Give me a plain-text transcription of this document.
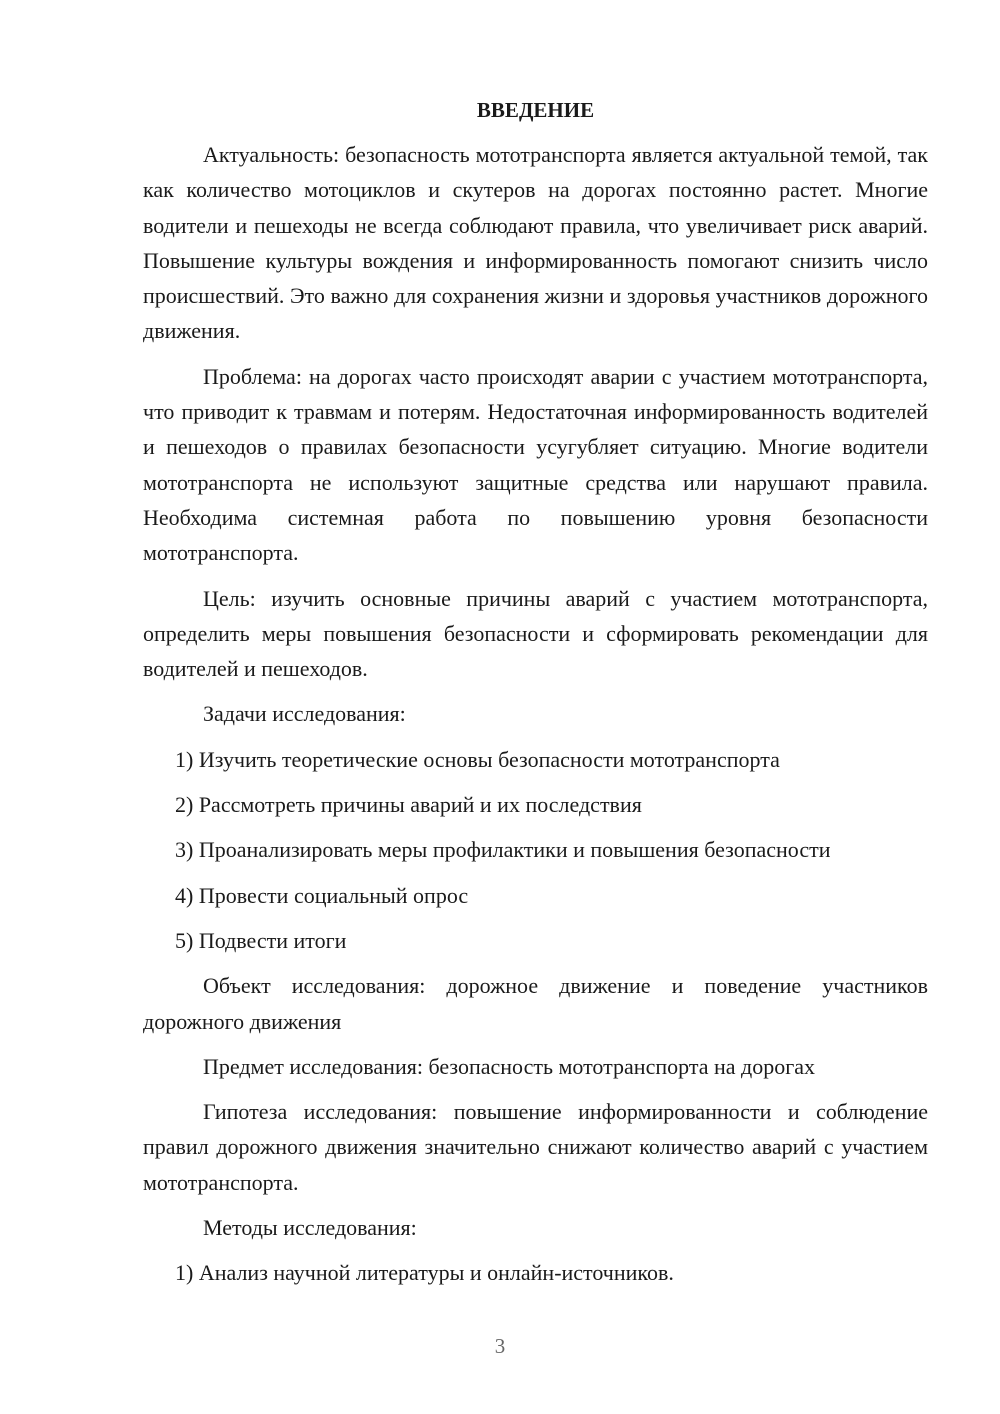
ВВЕДЕНИЕ

Актуальность: безопасность мототранспорта является актуальной темой, так как количество мотоциклов и скутеров на дорогах постоянно растет. Многие водители и пешеходы не всегда соблюдают правила, что увеличивает риск аварий. Повышение культуры вождения и информированность помогают снизить число происшествий. Это важно для сохранения жизни и здоровья участников дорожного движения.

Проблема: на дорогах часто происходят аварии с участием мототранспорта, что приводит к травмам и потерям. Недостаточная информированность водителей и пешеходов о правилах безопасности усугубляет ситуацию. Многие водители мототранспорта не используют защитные средства или нарушают правила. Необходима системная работа по повышению уровня безопасности мототранспорта.

Цель: изучить основные причины аварий с участием мототранспорта, определить меры повышения безопасности и сформировать рекомендации для водителей и пешеходов.

Задачи исследования:

1) Изучить теоретические основы безопасности мототранспорта
2) Рассмотреть причины аварий и их последствия
3) Проанализировать меры профилактики и повышения безопасности
4) Провести социальный опрос
5) Подвести итоги

Объект исследования: дорожное движение и поведение участников дорожного движения

Предмет исследования: безопасность мототранспорта на дорогах

Гипотеза исследования: повышение информированности и соблюдение правил дорожного движения значительно снижают количество аварий с участием мототранспорта.

Методы исследования:

1) Анализ научной литературы и онлайн-источников.
3
